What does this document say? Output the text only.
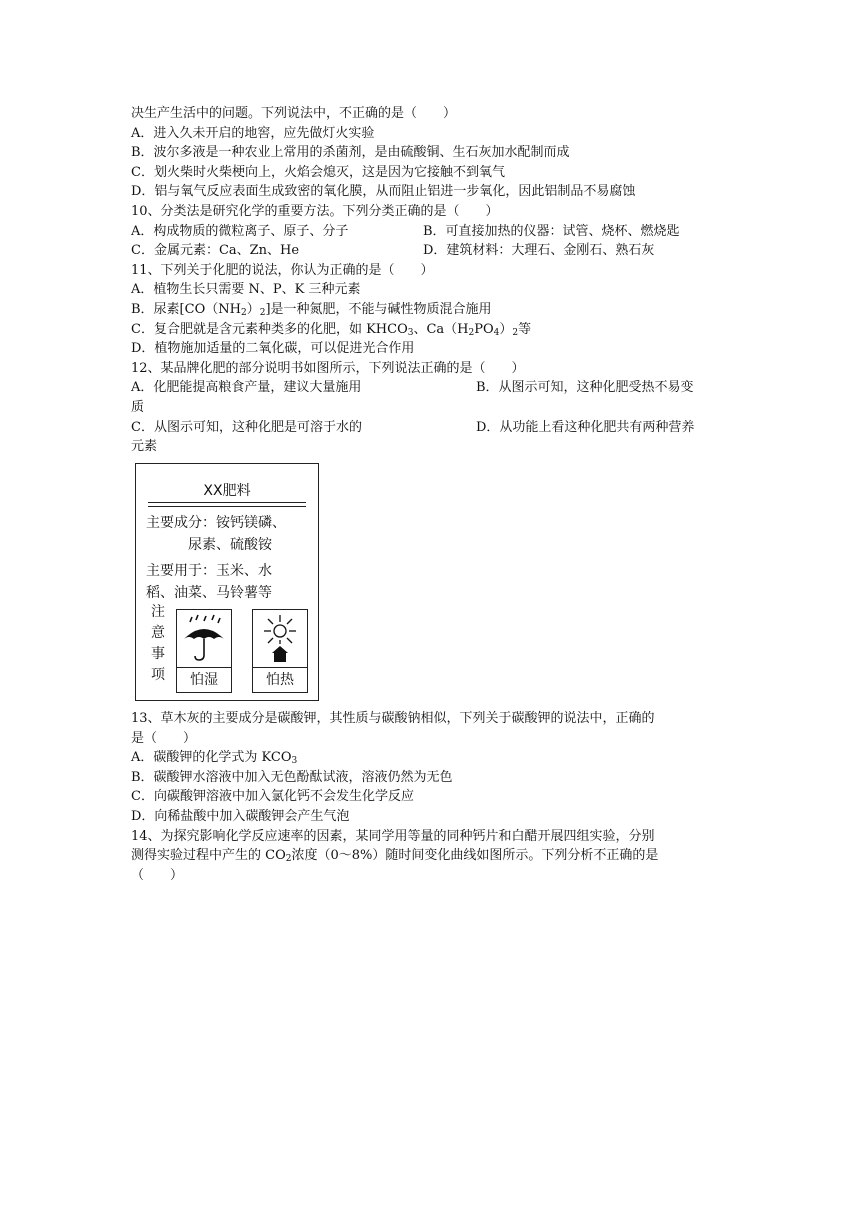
决生产生活中的问题。下列说法中，不正确的是（　　）
A．进入久未开启的地窖，应先做灯火实验
B．波尔多液是一种农业上常用的杀菌剂，是由硫酸铜、生石灰加水配制而成
C．划火柴时火柴梗向上，火焰会熄灭，这是因为它接触不到氧气
D．铝与氧气反应表面生成致密的氧化膜，从而阻止铝进一步氧化，因此铝制品不易腐蚀
10、分类法是研究化学的重要方法。下列分类正确的是（　　）
A．构成物质的微粒离子、原子、分子	B．可直接加热的仪器：试管、烧杯、燃烧匙
C．金属元素：Ca、Zn、He	D．建筑材料：大理石、金刚石、熟石灰
11、下列关于化肥的说法，你认为正确的是（　　）
A．植物生长只需要 N、P、K 三种元素
B．尿素$[CO(NH_2)_2]$是一种氮肥，不能与碱性物质混合施用
C．复合肥就是含元素种类多的化肥，如 $KHCO_3$、$Ca(H_2PO_4)_2$等
D．植物施加适量的二氧化碳，可以促进光合作用
12、某品牌化肥的部分说明书如图所示，下列说法正确的是（　　）
A．化肥能提高粮食产量，建议大量施用	B．从图示可知，这种化肥受热不易变
质
C．从图示可知，这种化肥是可溶于水的	D．从功能上看这种化肥共有两种营养
元素
XX肥料
主要成分：铵钙镁磷、
尿素、硫酸铵
主要用于：玉米、水
稻、油菜、马铃薯等
注
意
事
项	怕湿	怕热
13、草木灰的主要成分是碳酸钾，其性质与碳酸钠相似，下列关于碳酸钾的说法中，正确的
是（　　）
A．碳酸钾的化学式为 $KCO_3$
B．碳酸钾水溶液中加入无色酚酞试液，溶液仍然为无色
C．向碳酸钾溶液中加入氯化钙不会发生化学反应
D．向稀盐酸中加入碳酸钾会产生气泡
14、为探究影响化学反应速率的因素，某同学用等量的同种钙片和白醋开展四组实验，分别
测得实验过程中产生的 $CO_2$浓度（0～8%）随时间变化曲线如图所示。下列分析不正确的是
（　　）
